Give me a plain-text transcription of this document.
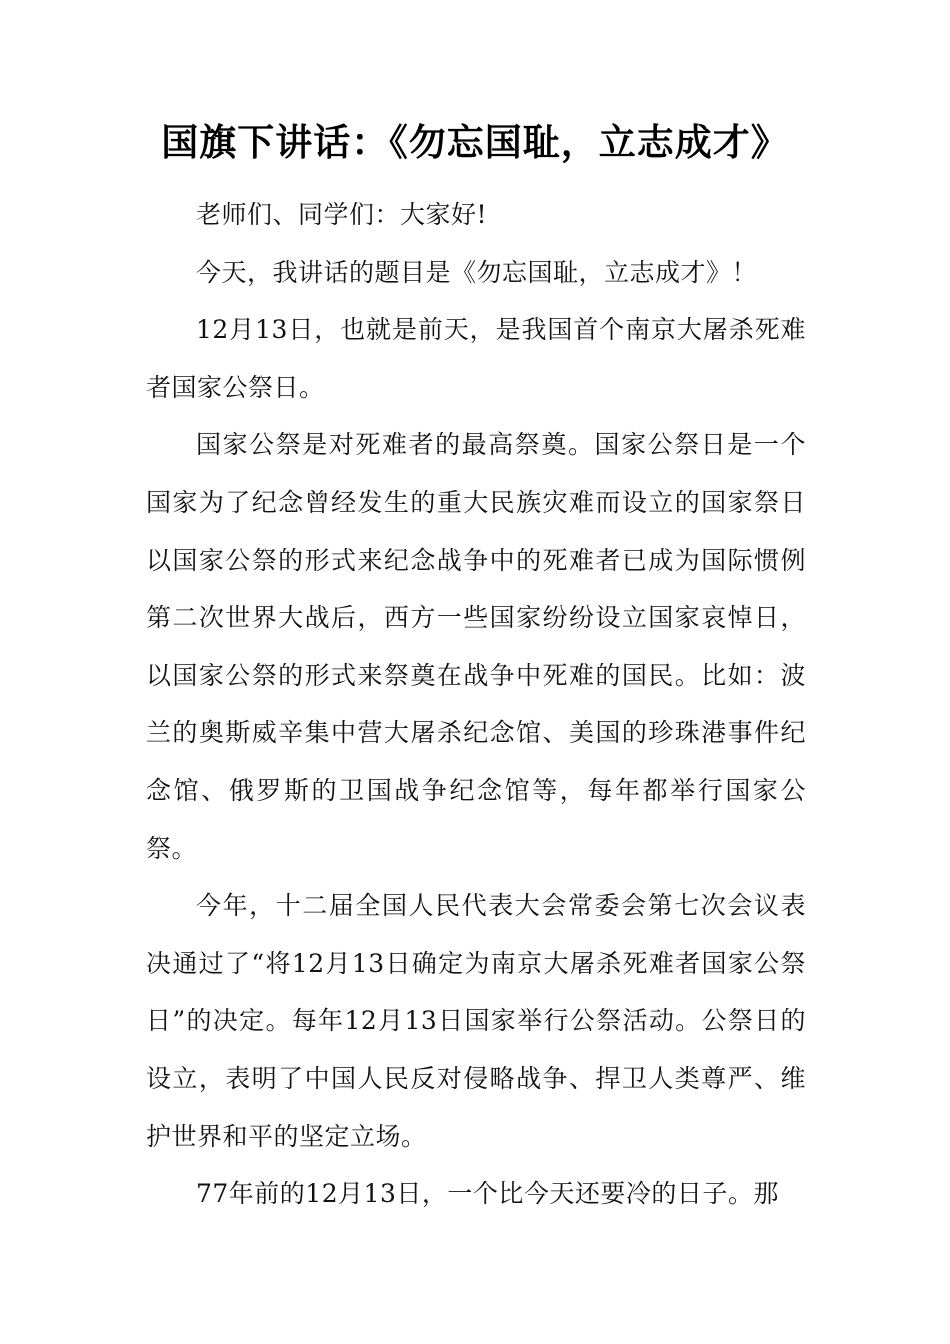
国旗下讲话：《勿忘国耻，立志成才》

老师们、同学们：大家好!

今天，我讲话的题目是《勿忘国耻，立志成才》！

12月13日，也就是前天，是我国首个南京大屠杀死难者国家公祭日。

国家公祭是对死难者的最高祭奠。国家公祭日是一个国家为了纪念曾经发生的重大民族灾难而设立的国家祭日以国家公祭的形式来纪念战争中的死难者已成为国际惯例第二次世界大战后，西方一些国家纷纷设立国家哀悼日，以国家公祭的形式来祭奠在战争中死难的国民。比如：波兰的奥斯威辛集中营大屠杀纪念馆、美国的珍珠港事件纪念馆、俄罗斯的卫国战争纪念馆等，每年都举行国家公祭。

今年，十二届全国人民代表大会常委会第七次会议表决通过了“将12月13日确定为南京大屠杀死难者国家公祭日”的决定。每年12月13日国家举行公祭活动。公祭日的设立，表明了中国人民反对侵略战争、捍卫人类尊严、维护世界和平的坚定立场。

77年前的12月13日，一个比今天还要冷的日子。那
